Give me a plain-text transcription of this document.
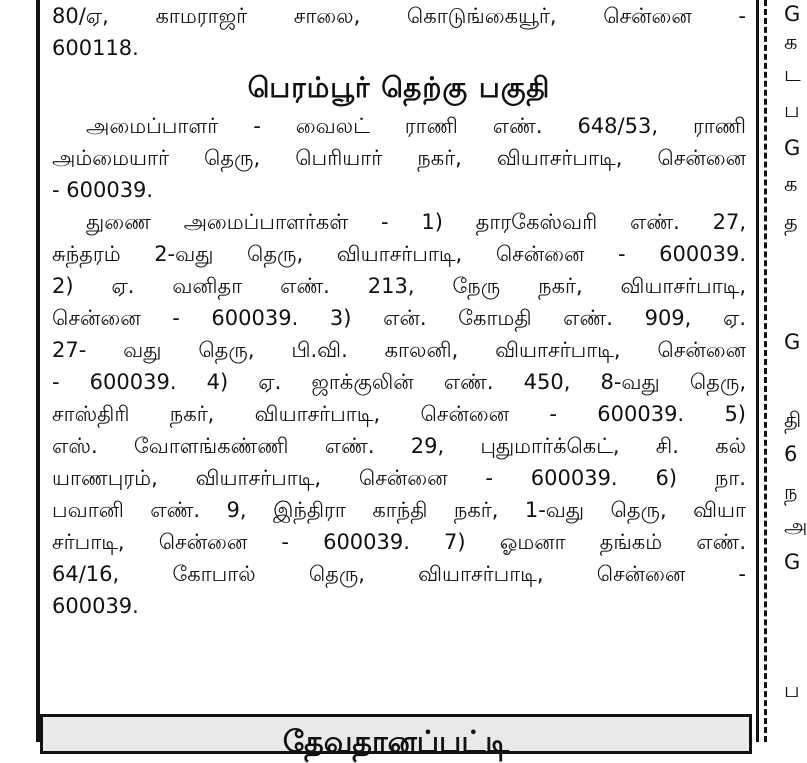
80/ஏ, காமராஜர் சாலை, கொடுங்கையூர், சென்னை -
600118.
பெரம்பூர் தெற்கு பகுதி
அமைப்பாளர் - வைலட் ராணி எண். 648/53, ராணி
அம்மையார் தெரு, பெரியார் நகர், வியாசர்பாடி, சென்னை
- 600039.
துணை அமைப்பாளர்கள் - 1) தாரகேஸ்வரி எண். 27,
சுந்தரம் 2-வது தெரு, வியாசர்பாடி, சென்னை - 600039.
2) ஏ. வனிதா எண். 213, நேரு நகர், வியாசர்பாடி,
சென்னை - 600039. 3) என். கோமதி எண். 909, ஏ.
27- வது தெரு, பி.வி. காலனி, வியாசர்பாடி, சென்னை
- 600039. 4) ஏ. ஜாக்குலின் எண். 450, 8-வது தெரு,
சாஸ்திரி நகர், வியாசர்பாடி, சென்னை - 600039. 5)
எஸ். வோளங்கண்ணி எண். 29, புதுமார்க்கெட், சி. கல்
யாணபுரம், வியாசர்பாடி, சென்னை - 600039. 6) நா.
பவானி எண். 9, இந்திரா காந்தி நகர், 1-வது தெரு, வியா
சர்பாடி, சென்னை - 600039. 7) ஓமனா தங்கம் எண்.
64/16, கோபால் தெரு, வியாசர்பாடி, சென்னை -
600039.
தேவதானப்பட்டி
G
க
ட
ப
G
க
த
G
தி
6
ந
அ
G
ப
